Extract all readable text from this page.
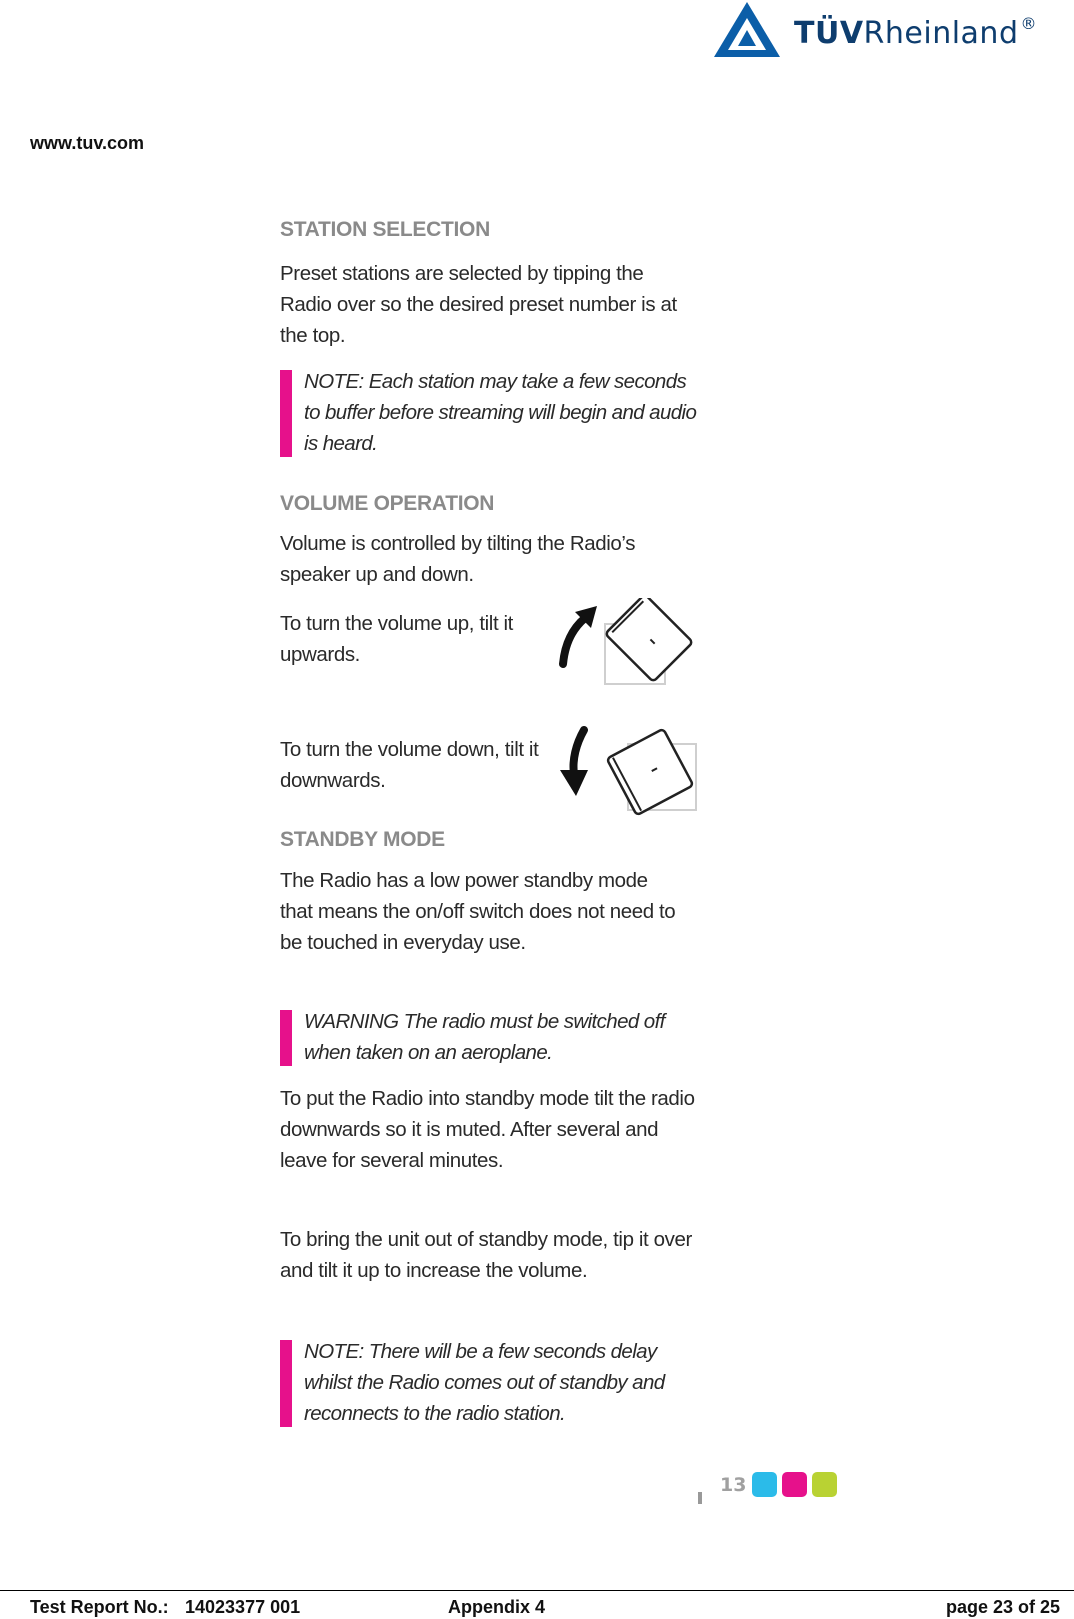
TÜVRheinland ®
www.tuv.com
STATION SELECTION
Preset stations are selected by tipping the Radio over so the desired preset number is at the top.
NOTE: Each station may take a few seconds to buffer before streaming will begin and audio is heard.
VOLUME OPERATION
Volume is controlled by tilting the Radio’s speaker up and down.
To turn the volume up, tilt it upwards.
To turn the volume down, tilt it downwards.
STANDBY MODE
The Radio has a low power standby mode that means the on/off switch does not need to be touched in everyday use.
WARNING The radio must be switched off when taken on an aeroplane.
To put the Radio into standby mode tilt the radio downwards so it is muted. After several and leave for several minutes.
To bring the unit out of standby mode, tip it over and tilt it up to increase the volume.
NOTE: There will be a few seconds delay whilst the Radio comes out of standby and reconnects to the radio station.
13
Test Report No.: 14023377 001	Appendix 4	page 23 of 25
